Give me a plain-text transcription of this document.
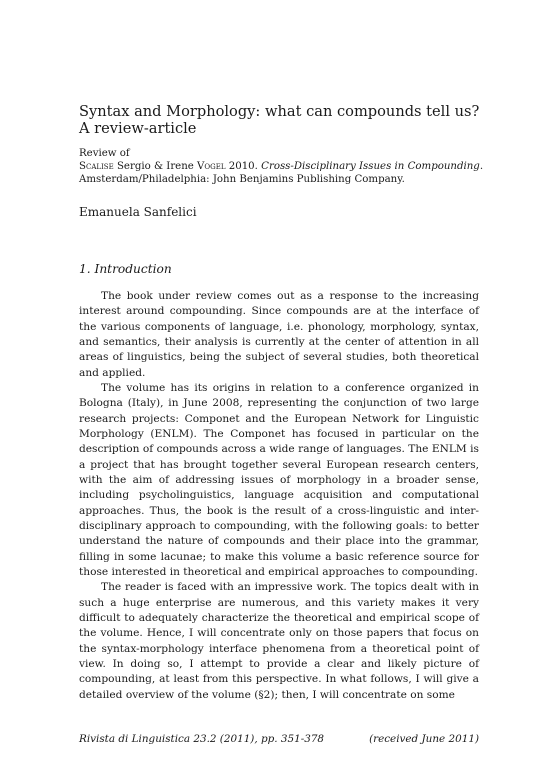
Syntax and Morphology: what can compounds tell us?
A review-article
Review of
Scalise Sergio & Irene Vogel 2010. Cross-Disciplinary Issues in Compounding.
Amsterdam/Philadelphia: John Benjamins Publishing Company.
Emanuela Sanfelici
1. Introduction

The book under review comes out as a response to the increasing interest around compounding. Since compounds are at the interface of the various components of language, i.e. phonology, morphology, syntax, and semantics, their analysis is currently at the center of attention in all areas of linguistics, being the subject of several studies, both theoretical and applied.

The volume has its origins in relation to a conference organized in Bologna (Italy), in June 2008, representing the conjunction of two large research projects: Componet and the European Network for Linguistic Morphology (ENLM). The Componet has focused in particular on the description of compounds across a wide range of languages. The ENLM is a project that has brought together several European research centers, with the aim of addressing issues of morphology in a broader sense, including psycholinguistics, language acquisition and computational approaches. Thus, the book is the result of a cross-linguistic and inter-disciplinary approach to compounding, with the following goals: to better understand the nature of compounds and their place into the grammar, filling in some lacunae; to make this volume a basic reference source for those interested in theoretical and empirical approaches to compounding.

The reader is faced with an impressive work. The topics dealt with in such a huge enterprise are numerous, and this variety makes it very difficult to adequately characterize the theoretical and empirical scope of the volume. Hence, I will concentrate only on those papers that focus on the syntax-morphology interface phenomena from a theoretical point of view. In doing so, I attempt to provide a clear and likely picture of compounding, at least from this perspective. In what follows, I will give a detailed overview of the volume (§2); then, I will concentrate on some

Rivista di Linguistica 23.2 (2011), pp. 351-378	(received June 2011)
